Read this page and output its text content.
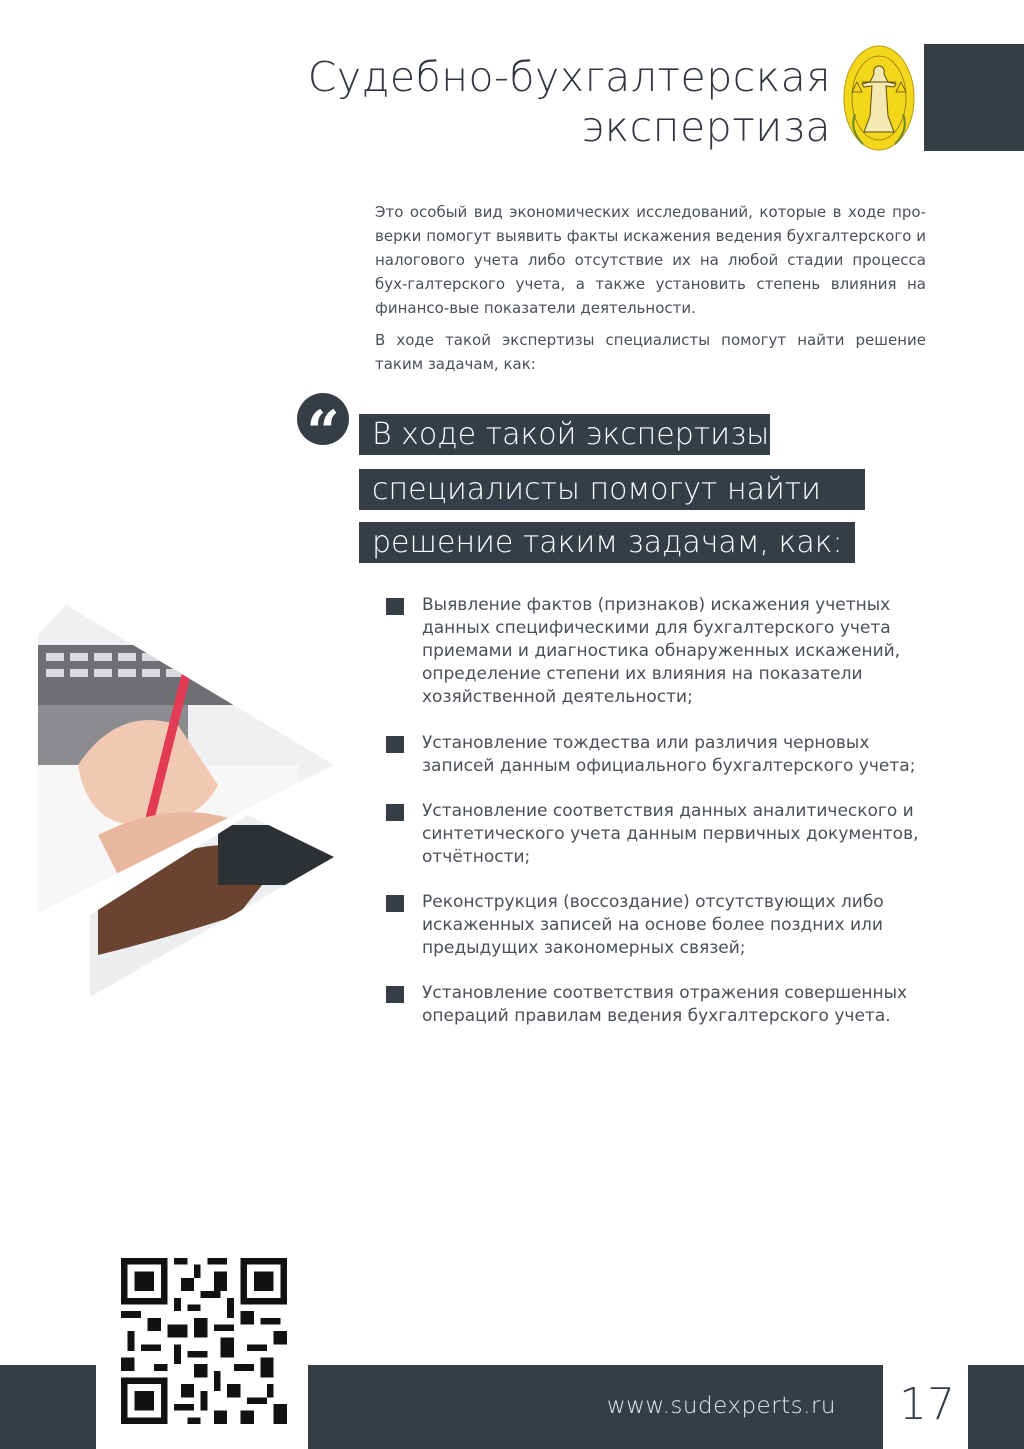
Судебно-бухгалтерская
экспертиза

Это особый вид экономических исследований, которые в ходе про-верки помогут выявить факты искажения ведения бухгалтерского и налогового учета либо отсутствие их на любой стадии процесса бух-галтерского учета, а также установить степень влияния на финансо-вые показатели деятельности.

В ходе такой экспертизы специалисты помогут найти решение таким задачам, как:

“	В ходе такой экспертизы
специалисты помогут найти
решение таким задачам, как:
Выявление фактов (признаков) искажения учетных данных специфическими для бухгалтерского учета приемами и диагностика обнаруженных искажений, определение степени их влияния на показатели хозяйственной деятельности;
Установление тождества или различия черновых записей данным официального бухгалтерского учета;
Установление соответствия данных аналитического и синтетического учета данным первичных документов, отчётности;
Реконструкция (воссоздание) отсутствующих либо искаженных записей на основе более поздних или предыдущих закономерных связей;
Установление соответствия отражения совершенных операций правилам ведения бухгалтерского учета.
www.sudexperts.ru 17
